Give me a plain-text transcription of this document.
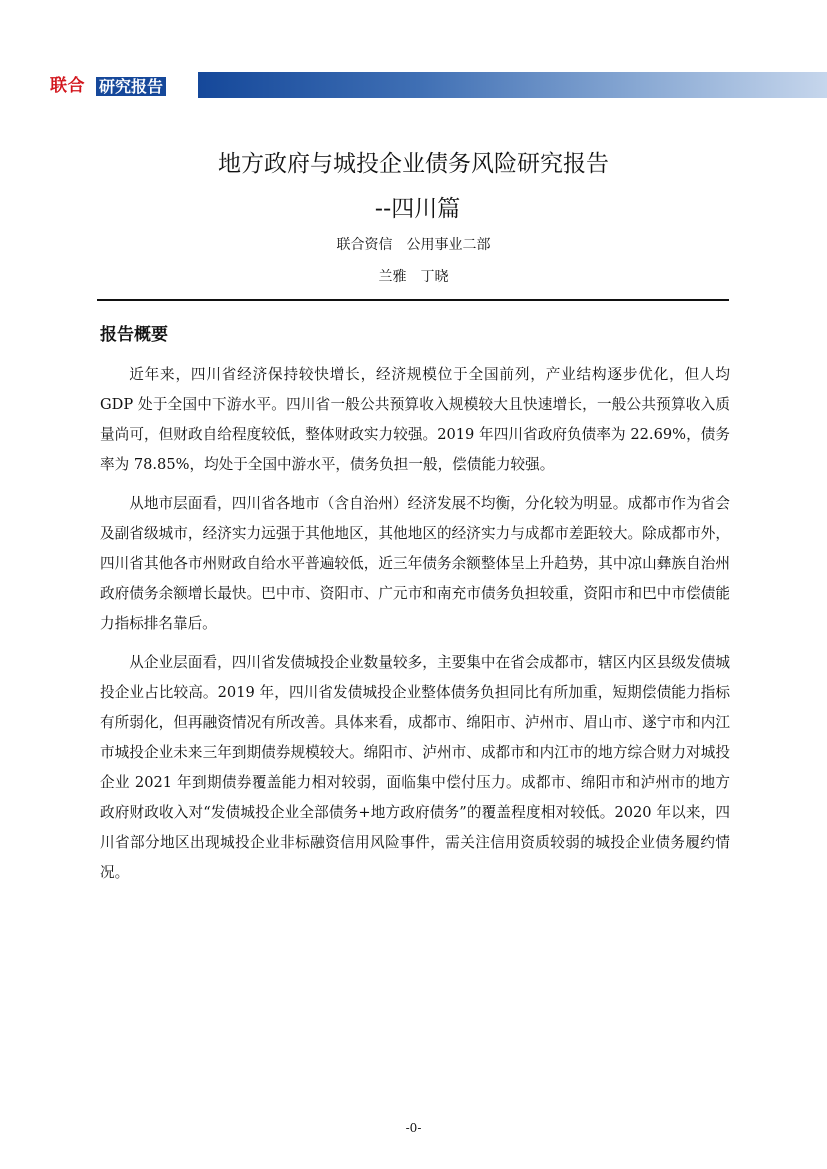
联合 研究报告
地方政府与城投企业债务风险研究报告
--四川篇
联合资信　公用事业二部
兰雅　丁晓
报告概要

近年来，四川省经济保持较快增长，经济规模位于全国前列，产业结构逐步优化，但人均 GDP 处于全国中下游水平。四川省一般公共预算收入规模较大且快速增长，一般公共预算收入质量尚可，但财政自给程度较低，整体财政实力较强。2019 年四川省政府负债率为 22.69%，债务率为 78.85%，均处于全国中游水平，债务负担一般，偿债能力较强。

从地市层面看，四川省各地市（含自治州）经济发展不均衡，分化较为明显。成都市作为省会及副省级城市，经济实力远强于其他地区，其他地区的经济实力与成都市差距较大。除成都市外，四川省其他各市州财政自给水平普遍较低，近三年债务余额整体呈上升趋势，其中凉山彝族自治州政府债务余额增长最快。巴中市、资阳市、广元市和南充市债务负担较重，资阳市和巴中市偿债能力指标排名靠后。

从企业层面看，四川省发债城投企业数量较多，主要集中在省会成都市，辖区内区县级发债城投企业占比较高。2019 年，四川省发债城投企业整体债务负担同比有所加重，短期偿债能力指标有所弱化，但再融资情况有所改善。具体来看，成都市、绵阳市、泸州市、眉山市、遂宁市和内江市城投企业未来三年到期债券规模较大。绵阳市、泸州市、成都市和内江市的地方综合财力对城投企业 2021 年到期债券覆盖能力相对较弱，面临集中偿付压力。成都市、绵阳市和泸州市的地方政府财政收入对“发债城投企业全部债务+地方政府债务”的覆盖程度相对较低。2020 年以来，四川省部分地区出现城投企业非标融资信用风险事件，需关注信用资质较弱的城投企业债务履约情况。

-0-
